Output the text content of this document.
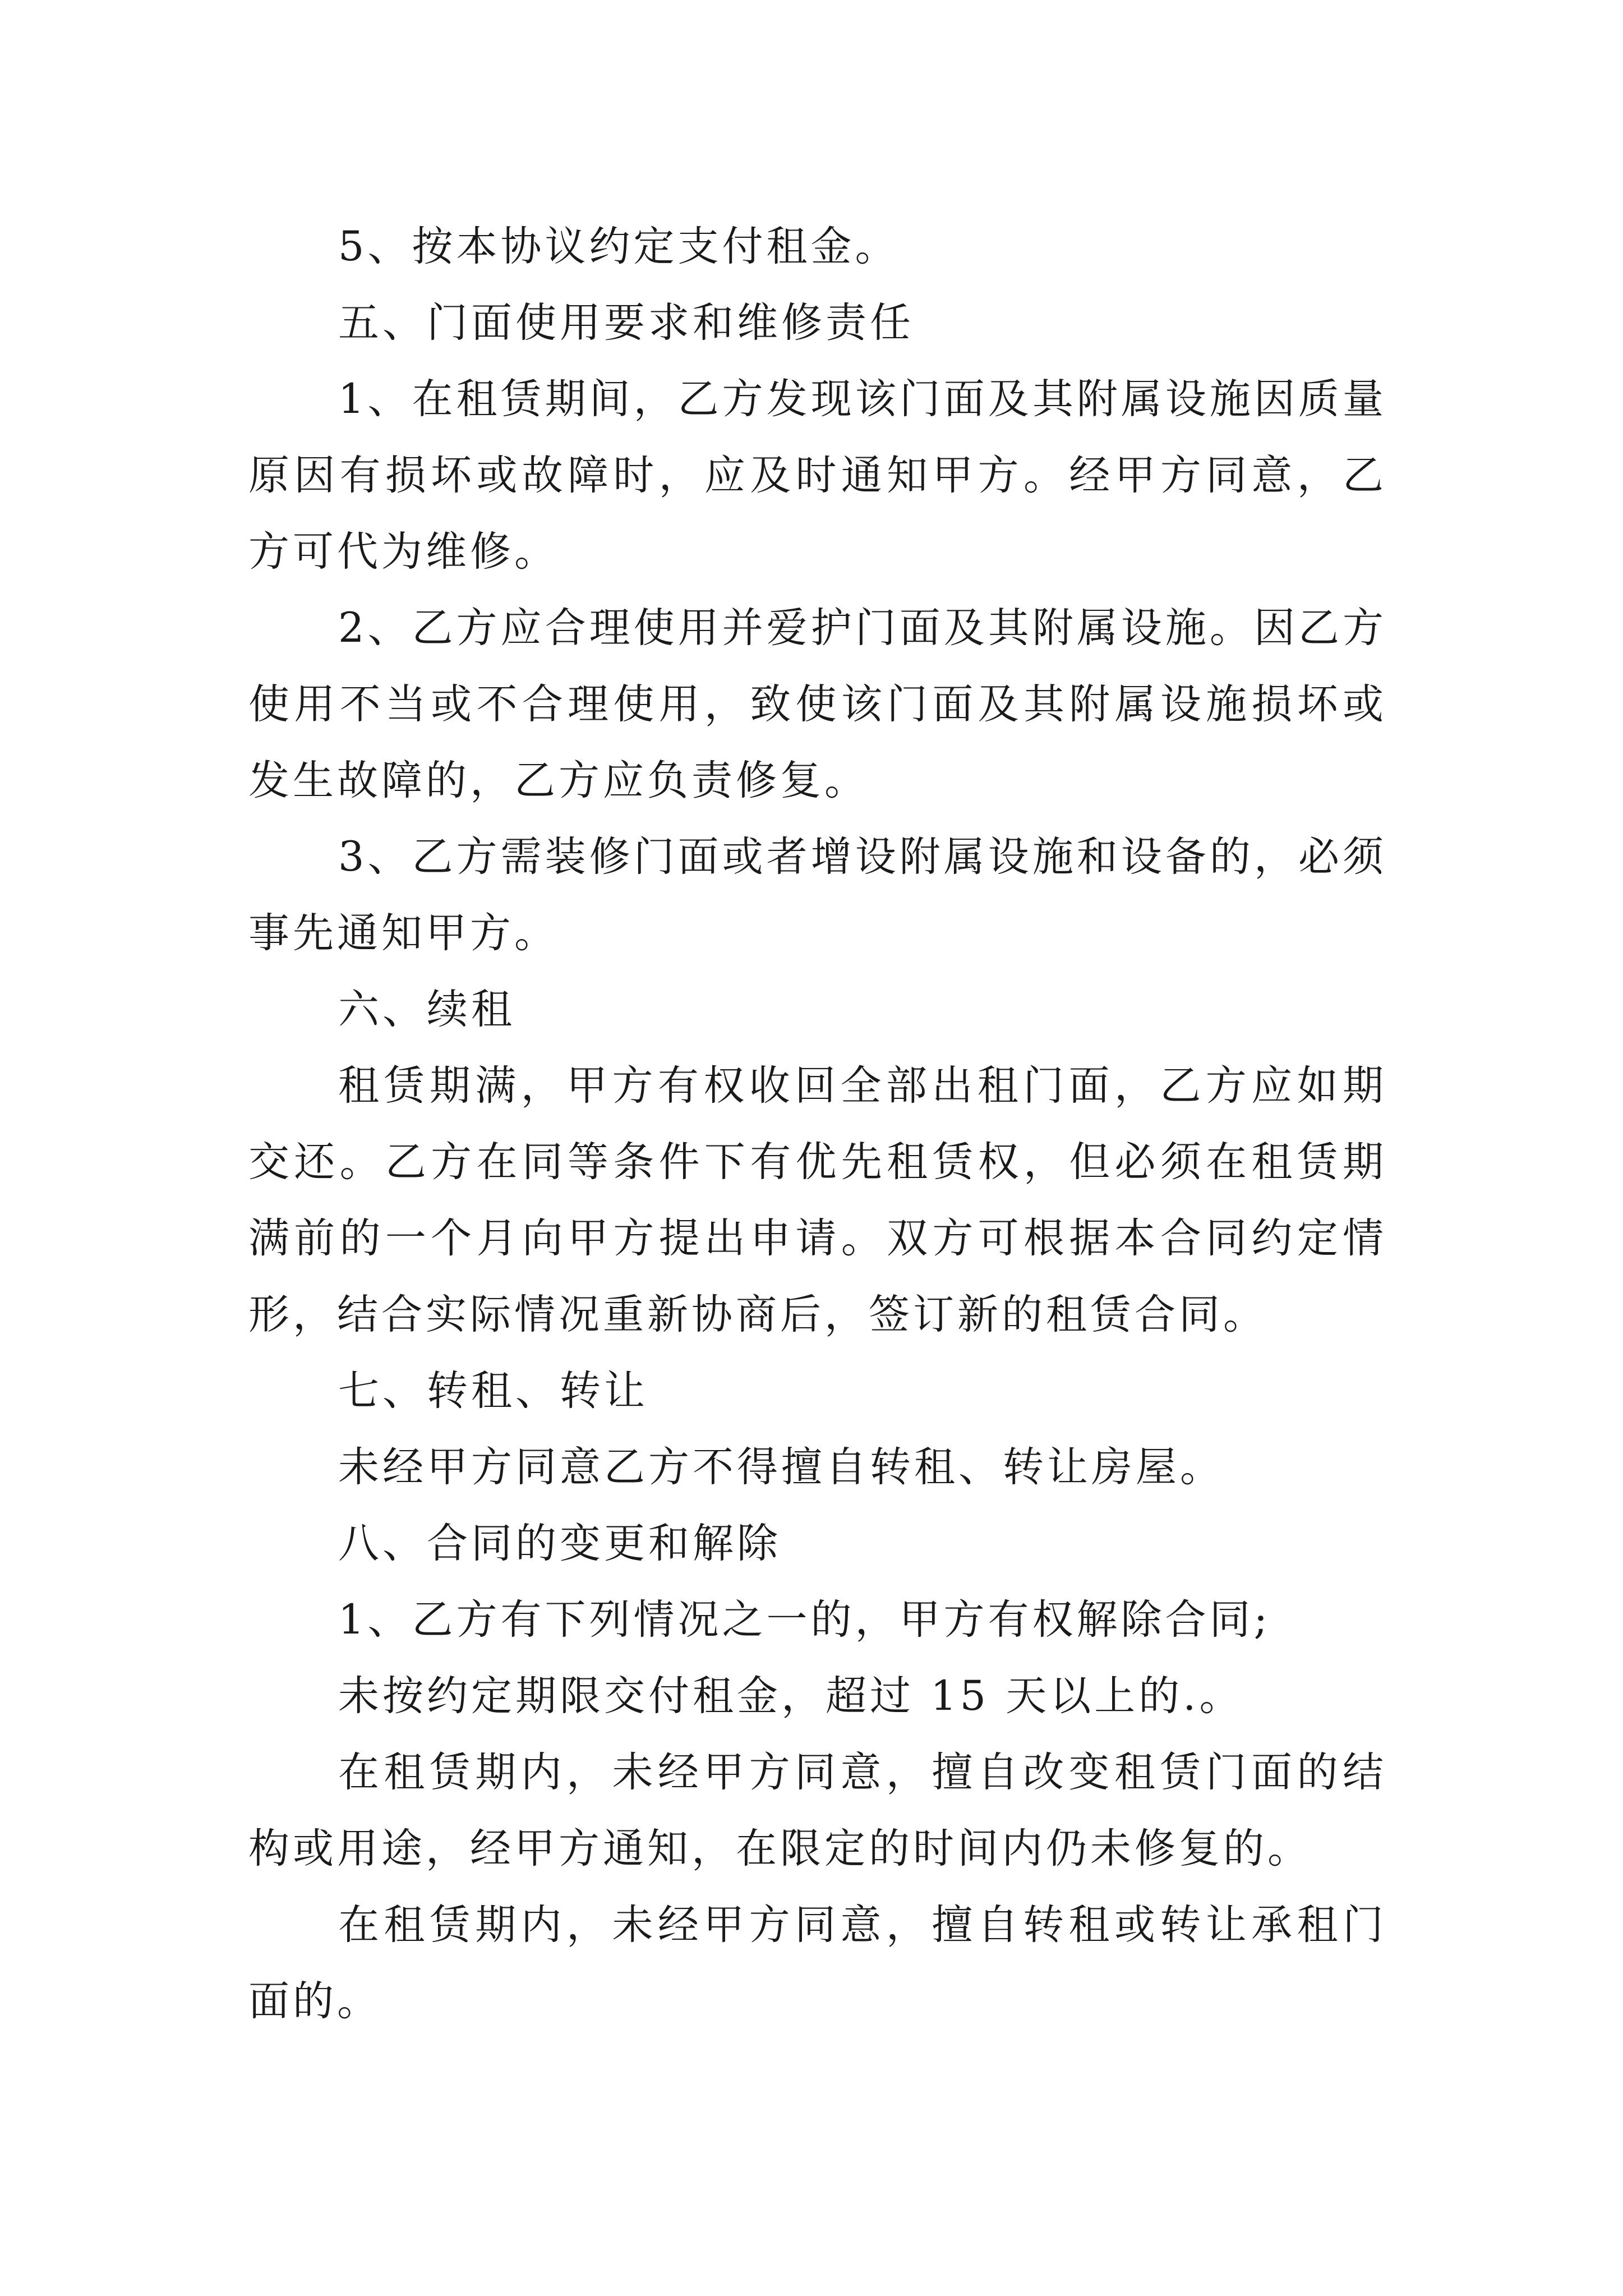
5、按本协议约定支付租金。

五、门面使用要求和维修责任

1、在租赁期间，乙方发现该门面及其附属设施因质量原因有损坏或故障时，应及时通知甲方。经甲方同意，乙方可代为维修。

2、乙方应合理使用并爱护门面及其附属设施。因乙方使用不当或不合理使用，致使该门面及其附属设施损坏或发生故障的，乙方应负责修复。

3、乙方需装修门面或者增设附属设施和设备的，必须事先通知甲方。

六、续租

租赁期满，甲方有权收回全部出租门面，乙方应如期交还。乙方在同等条件下有优先租赁权，但必须在租赁期满前的一个月向甲方提出申请。双方可根据本合同约定情形，结合实际情况重新协商后，签订新的租赁合同。

七、转租、转让

未经甲方同意乙方不得擅自转租、转让房屋。

八、合同的变更和解除

1、乙方有下列情况之一的，甲方有权解除合同;

未按约定期限交付租金，超过 15 天以上的.。

在租赁期内，未经甲方同意，擅自改变租赁门面的结构或用途，经甲方通知，在限定的时间内仍未修复的。

在租赁期内，未经甲方同意，擅自转租或转让承租门面的。
